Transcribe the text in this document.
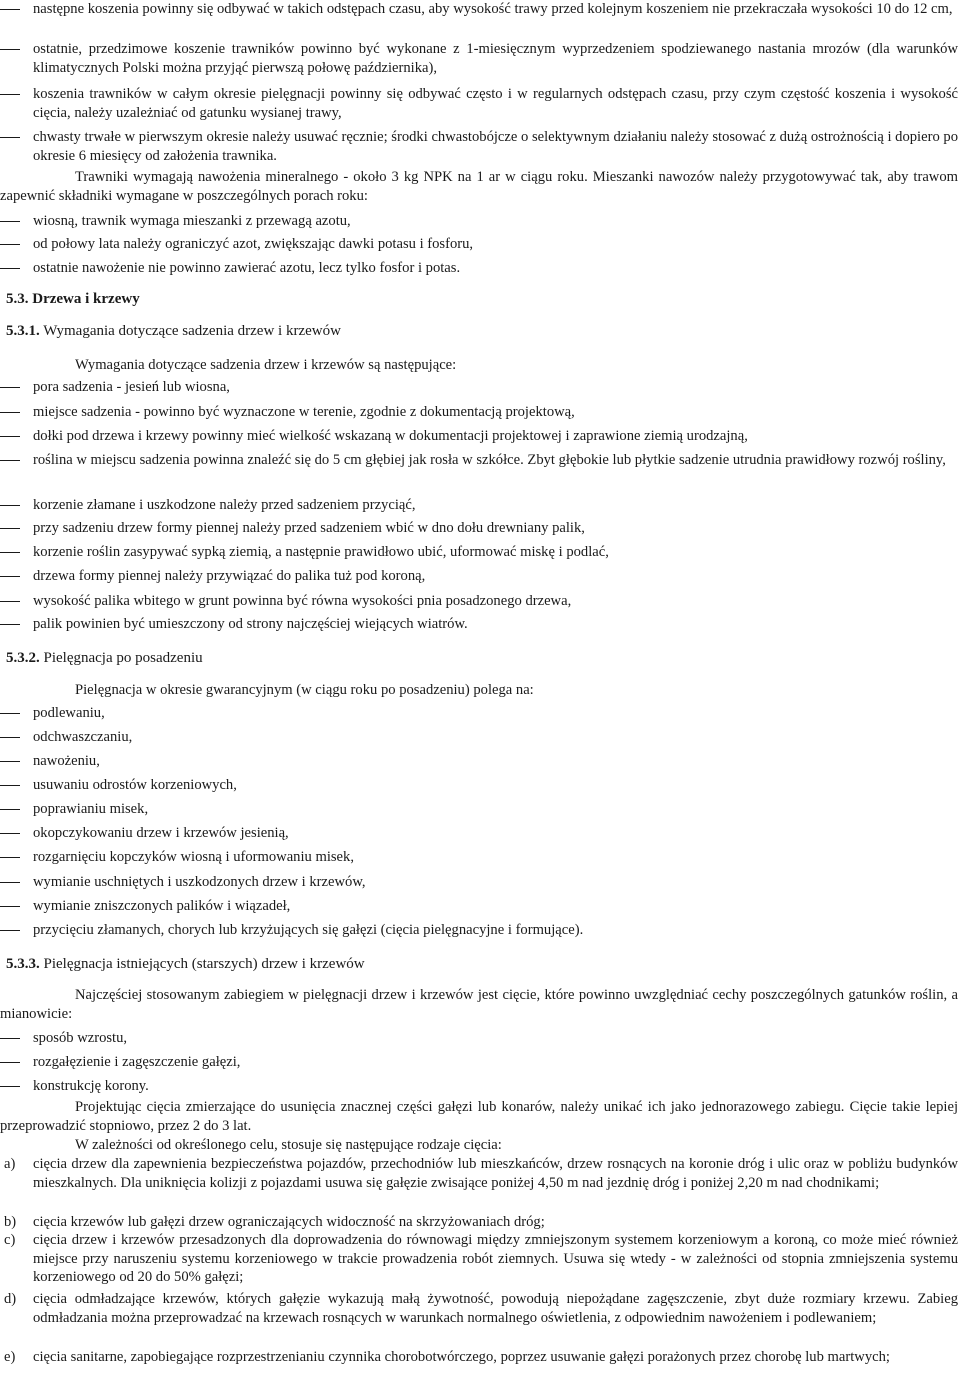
następne koszenia powinny się odbywać w takich odstępach czasu, aby wysokość trawy przed kolejnym koszeniem nie przekraczała wysokości 10 do 12 cm,
ostatnie, przedzimowe koszenie trawników powinno być wykonane z 1-miesięcznym wyprzedzeniem spodziewanego nastania mrozów (dla warunków klimatycznych Polski można przyjąć pierwszą połowę października),
koszenia trawników w całym okresie pielęgnacji powinny się odbywać często i w regularnych odstępach czasu, przy czym częstość koszenia i wysokość cięcia, należy uzależniać od gatunku wysianej trawy,
chwasty trwałe w pierwszym okresie należy usuwać ręcznie; środki chwastobójcze o selektywnym działaniu należy stosować z dużą ostrożnością i dopiero po okresie 6 miesięcy od założenia trawnika.
Trawniki wymagają nawożenia mineralnego - około 3 kg NPK na 1 ar w ciągu roku. Mieszanki nawozów należy przygotowywać tak, aby trawom zapewnić składniki wymagane w poszczególnych porach roku:
wiosną, trawnik wymaga mieszanki z przewagą azotu,
od połowy lata należy ograniczyć azot, zwiększając dawki potasu i fosforu,
ostatnie nawożenie nie powinno zawierać azotu, lecz tylko fosfor i potas.
5.3. Drzewa i krzewy
5.3.1. Wymagania dotyczące sadzenia drzew i krzewów
Wymagania dotyczące sadzenia drzew i krzewów są następujące:
pora sadzenia - jesień lub wiosna,
miejsce sadzenia - powinno być wyznaczone w terenie, zgodnie z dokumentacją projektową,
dołki pod drzewa i krzewy powinny mieć wielkość wskazaną w dokumentacji projektowej i zaprawione ziemią urodzajną,
roślina w miejscu sadzenia powinna znaleźć się do 5 cm głębiej jak rosła w szkółce. Zbyt głębokie lub płytkie sadzenie utrudnia prawidłowy rozwój rośliny,
korzenie złamane i uszkodzone należy przed sadzeniem przyciąć,
przy sadzeniu drzew formy piennej należy przed sadzeniem wbić w dno dołu drewniany palik,
korzenie roślin zasypywać sypką ziemią, a następnie prawidłowo ubić, uformować miskę i podlać,
drzewa formy piennej należy przywiązać do palika tuż pod koroną,
wysokość palika wbitego w grunt powinna być równa wysokości pnia posadzonego drzewa,
palik powinien być umieszczony od strony najczęściej wiejących wiatrów.
5.3.2. Pielęgnacja po posadzeniu
Pielęgnacja w okresie gwarancyjnym (w ciągu roku po posadzeniu) polega na:
podlewaniu,
odchwaszczaniu,
nawożeniu,
usuwaniu odrostów korzeniowych,
poprawianiu misek,
okopczykowaniu drzew i krzewów jesienią,
rozgarnięciu kopczyków wiosną i uformowaniu misek,
wymianie uschniętych i uszkodzonych drzew i krzewów,
wymianie zniszczonych palików i wiązadeł,
przycięciu złamanych, chorych lub krzyżujących się gałęzi (cięcia pielęgnacyjne i formujące).
5.3.3. Pielęgnacja istniejących (starszych) drzew i krzewów
Najczęściej stosowanym zabiegiem w pielęgnacji drzew i krzewów jest cięcie, które powinno uwzględniać cechy poszczególnych gatunków roślin, a mianowicie:
sposób wzrostu,
rozgałęzienie i zagęszczenie gałęzi,
konstrukcję korony.
Projektując cięcia zmierzające do usunięcia znacznej części gałęzi lub konarów, należy unikać ich jako jednorazowego zabiegu. Cięcie takie lepiej przeprowadzić stopniowo, przez 2 do 3 lat.
W zależności od określonego celu, stosuje się następujące rodzaje cięcia:
a) cięcia drzew dla zapewnienia bezpieczeństwa pojazdów, przechodniów lub mieszkańców, drzew rosnących na koronie dróg i ulic oraz w pobliżu budynków mieszkalnych. Dla uniknięcia kolizji z pojazdami usuwa się gałęzie zwisające poniżej 4,50 m nad jezdnię dróg i poniżej 2,20 m nad chodnikami;
b) cięcia krzewów lub gałęzi drzew ograniczających widoczność na skrzyżowaniach dróg;
c) cięcia drzew i krzewów przesadzonych dla doprowadzenia do równowagi między zmniejszonym systemem korzeniowym a koroną, co może mieć również miejsce przy naruszeniu systemu korzeniowego w trakcie prowadzenia robót ziemnych. Usuwa się wtedy - w zależności od stopnia zmniejszenia systemu korzeniowego od 20 do 50% gałęzi;
d) cięcia odmładzające krzewów, których gałęzie wykazują małą żywotność, powodują niepożądane zagęszczenie, zbyt duże rozmiary krzewu. Zabieg odmładzania można przeprowadzać na krzewach rosnących w warunkach normalnego oświetlenia, z odpowiednim nawożeniem i podlewaniem;
e) cięcia sanitarne, zapobiegające rozprzestrzenianiu czynnika chorobotwórczego, poprzez usuwanie gałęzi porażonych przez chorobę lub martwych;
